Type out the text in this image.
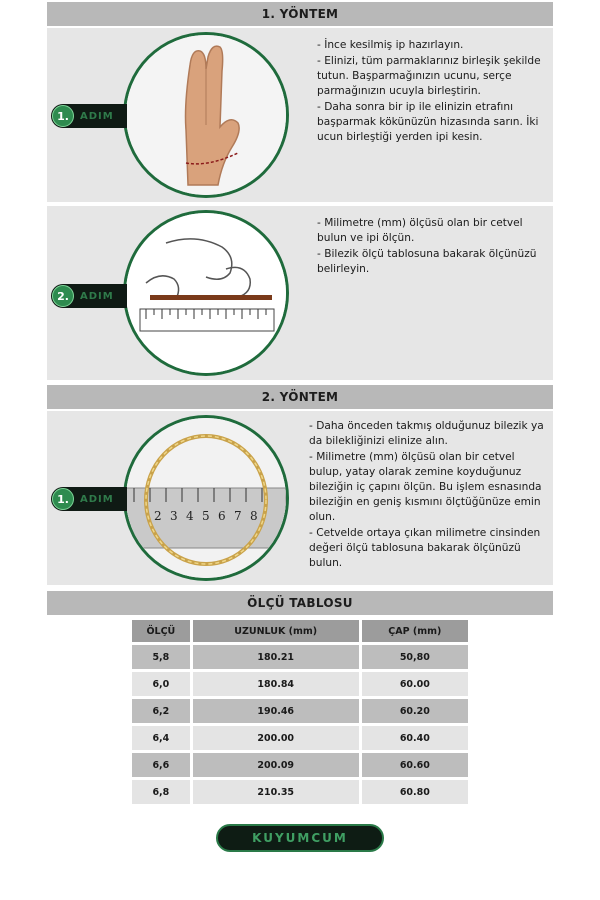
1. YÖNTEM
1.	ADIM

- İnce kesilmiş ip hazırlayın.

- Elinizi, tüm parmaklarınız birleşik şekilde tutun. Başparmağınızın ucunu, serçe parmağınızın ucuyla birleştirin.

- Daha sonra bir ip ile elinizin etrafını başparmak kökünüzün hizasında sarın. İki ucun birleştiği yerden ipi kesin.

2.	ADIM

- Milimetre (mm) ölçüsü olan bir cetvel bulun ve ipi ölçün.

- Bilezik ölçü tablosuna bakarak ölçünüzü belirleyin.

2. YÖNTEM
2 3 4 5 6 7 8
1.	ADIM

- Daha önceden takmış olduğunuz bilezik ya da bilekliğinizi elinize alın.

- Milimetre (mm) ölçüsü olan bir cetvel bulup, yatay olarak zemine koyduğunuz bileziğin iç çapını ölçün. Bu işlem esnasında bileziğin en geniş kısmını ölçtüğünüze emin olun.

- Cetvelde ortaya çıkan milimetre cinsinden değeri ölçü tablosuna bakarak ölçünüzü bulun.

ÖLÇÜ TABLOSU
ÖLÇÜ	UZUNLUK (mm)	ÇAP (mm)
5,8	180.21	50,80
6,0	180.84	60.00
6,2	190.46	60.20
6,4	200.00	60.40
6,6	200.09	60.60
6,8	210.35	60.80
KUYUMCUM
